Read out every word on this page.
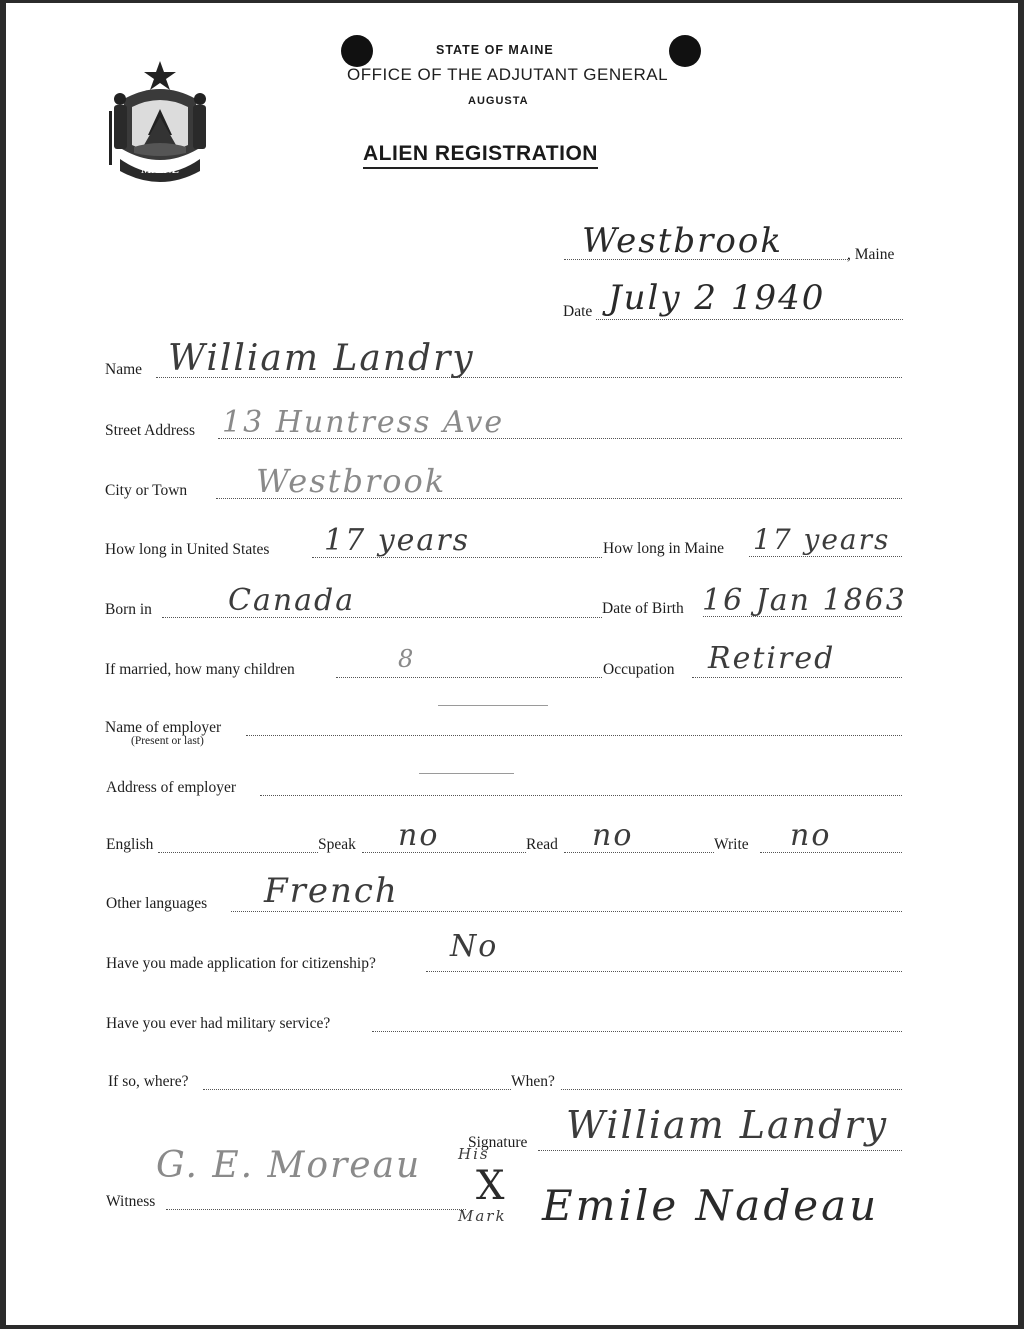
MAINE
STATE OF MAINE
OFFICE OF THE ADJUTANT GENERAL
AUGUSTA
ALIEN REGISTRATION
Westbrook	, Maine
Date July 2 1940
Name William Landry
Street Address 13 Huntress Ave
City or Town Westbrook
How long in United States 17 years	How long in Maine 17 years
Born in	Canada	Date of Birth 16 Jan 1863
If married, how many children	8	Occupation Retired
Name of employer
(Present or last)
Address of employer
English	Speak no	Read no	Write no
Other languages French
Have you made application for citizenship? No
Have you ever had military service?
If so, where?	When?
Signature William Landry
His
X
Mark Emile Nadeau
Witness
G. E. Moreau
